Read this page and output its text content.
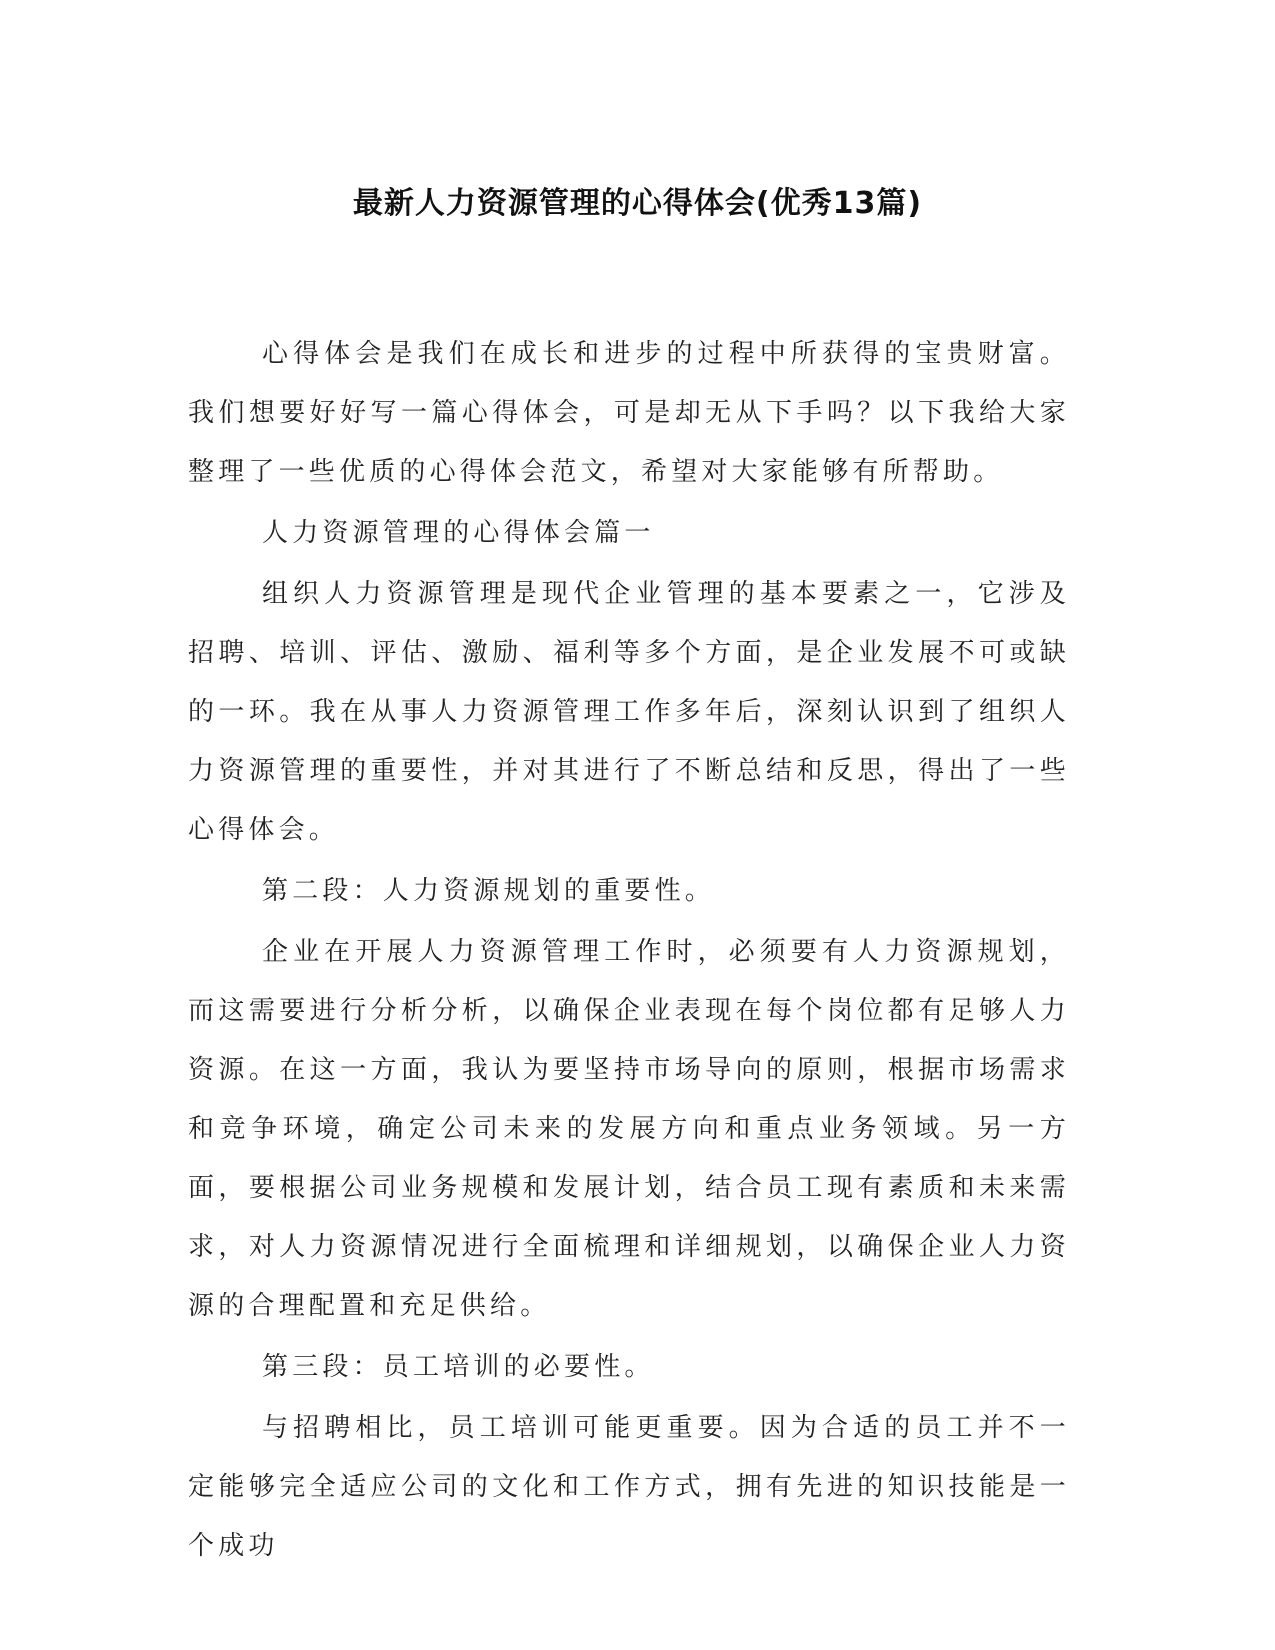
最新人力资源管理的心得体会(优秀13篇)

心得体会是我们在成长和进步的过程中所获得的宝贵财富。我们想要好好写一篇心得体会，可是却无从下手吗？以下我给大家整理了一些优质的心得体会范文，希望对大家能够有所帮助。

人力资源管理的心得体会篇一

组织人力资源管理是现代企业管理的基本要素之一，它涉及招聘、培训、评估、激励、福利等多个方面，是企业发展不可或缺的一环。我在从事人力资源管理工作多年后，深刻认识到了组织人力资源管理的重要性，并对其进行了不断总结和反思，得出了一些心得体会。

第二段：人力资源规划的重要性。

企业在开展人力资源管理工作时，必须要有人力资源规划，而这需要进行分析分析，以确保企业表现在每个岗位都有足够人力资源。在这一方面，我认为要坚持市场导向的原则，根据市场需求和竞争环境，确定公司未来的发展方向和重点业务领域。另一方面，要根据公司业务规模和发展计划，结合员工现有素质和未来需求，对人力资源情况进行全面梳理和详细规划，以确保企业人力资源的合理配置和充足供给。

第三段：员工培训的必要性。

与招聘相比，员工培训可能更重要。因为合适的员工并不一定能够完全适应公司的文化和工作方式，拥有先进的知识技能是一个成功
